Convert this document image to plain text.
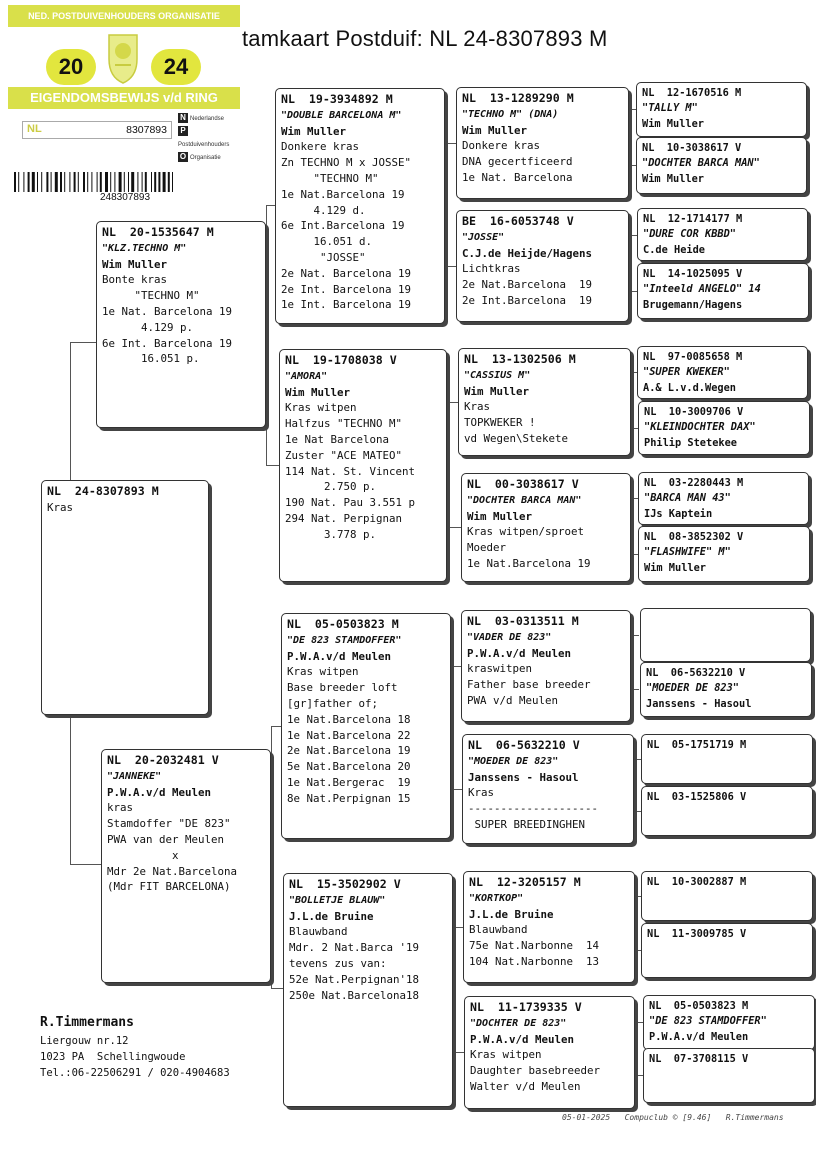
tamkaart Postduif: NL 24-8307893 M
NED. POSTDUIVENHOUDERS ORGANISATIE
20	24
EIGENDOMSBEWIJS v/d RING
NL	8307893
N Nederlandse
PPostduivenhouders
O Organisatie
248307893
NL  24-8307893 M
Kras
NL  20-1535647 M
"KLZ.TECHNO M"
Wim Muller
Bonte kras
"TECHNO M"
1e Nat. Barcelona 19
4.129 p.
6e Int. Barcelona 19
16.051 p.
NL  20-2032481 V
"JANNEKE"
P.W.A.v/d Meulen
kras
Stamdoffer "DE 823"
PWA van der Meulen
x
Mdr 2e Nat.Barcelona
(Mdr FIT BARCELONA)
NL  19-3934892 M
"DOUBLE BARCELONA M"
Wim Muller
Donkere kras
Zn TECHNO M x JOSSE"
"TECHNO M"
1e Nat.Barcelona 19
4.129 d.
6e Int.Barcelona 19
16.051 d.
"JOSSE"
2e Nat. Barcelona 19
2e Int. Barcelona 19
1e Int. Barcelona 19
NL  19-1708038 V
"AMORA"
Wim Muller
Kras witpen
Halfzus "TECHNO M"
1e Nat Barcelona
Zuster "ACE MATEO"
114 Nat. St. Vincent
2.750 p.
190 Nat. Pau 3.551 p
294 Nat. Perpignan
3.778 p.
NL  05-0503823 M
"DE 823 STAMDOFFER"
P.W.A.v/d Meulen
Kras witpen
Base breeder loft
[gr]father of;
1e Nat.Barcelona 18
1e Nat.Barcelona 22
2e Nat.Barcelona 19
5e Nat.Barcelona 20
1e Nat.Bergerac  19
8e Nat.Perpignan 15
NL  15-3502902 V
"BOLLETJE BLAUW"
J.L.de Bruine
Blauwband
Mdr. 2 Nat.Barca '19
tevens zus van:
52e Nat.Perpignan'18
250e Nat.Barcelona18
NL  13-1289290 M
"TECHNO M" (DNA)
Wim Muller
Donkere kras
DNA gecertficeerd
1e Nat. Barcelona
BE  16-6053748 V
"JOSSE"
C.J.de Heijde/Hagens
Lichtkras
2e Nat.Barcelona  19
2e Int.Barcelona  19
NL  13-1302506 M
"CASSIUS M"
Wim Muller
Kras
TOPKWEKER !
vd Wegen\Stekete
NL  00-3038617 V
"DOCHTER BARCA MAN"
Wim Muller
Kras witpen/sproet
Moeder
1e Nat.Barcelona 19
NL  03-0313511 M
"VADER DE 823"
P.W.A.v/d Meulen
kraswitpen
Father base breeder
PWA v/d Meulen
NL  06-5632210 V
"MOEDER DE 823"
Janssens - Hasoul
Kras
--------------------
SUPER BREEDINGHEN
NL  12-3205157 M
"KORTKOP"
J.L.de Bruine
Blauwband
75e Nat.Narbonne  14
104 Nat.Narbonne  13
NL  11-1739335 V
"DOCHTER DE 823"
P.W.A.v/d Meulen
Kras witpen
Daughter basebreeder
Walter v/d Meulen
NL  12-1670516 M
"TALLY M"
Wim Muller
NL  10-3038617 V
"DOCHTER BARCA MAN"
Wim Muller
NL  12-1714177 M
"DURE COR KBBD"
C.de Heide
NL  14-1025095 V
"Inteeld ANGELO" 14
Brugemann/Hagens
NL  97-0085658 M
"SUPER KWEKER"
A.& L.v.d.Wegen
NL  10-3009706 V
"KLEINDOCHTER DAX"
Philip Stetekee
NL  03-2280443 M
"BARCA MAN 43"
IJs Kaptein
NL  08-3852302 V
"FLASHWIFE" M"
Wim Muller
NL  06-5632210 V
"MOEDER DE 823"
Janssens - Hasoul
NL  05-1751719 M
NL  03-1525806 V
NL  10-3002887 M
NL  11-3009785 V
NL  05-0503823 M
"DE 823 STAMDOFFER"
P.W.A.v/d Meulen
NL  07-3708115 V
R.Timmermans
Liergouw nr.12
1023 PA  Schellingwoude
Tel.:06-22506291 / 020-4904683
05-01-2025   Compuclub © [9.46]   R.Timmermans
